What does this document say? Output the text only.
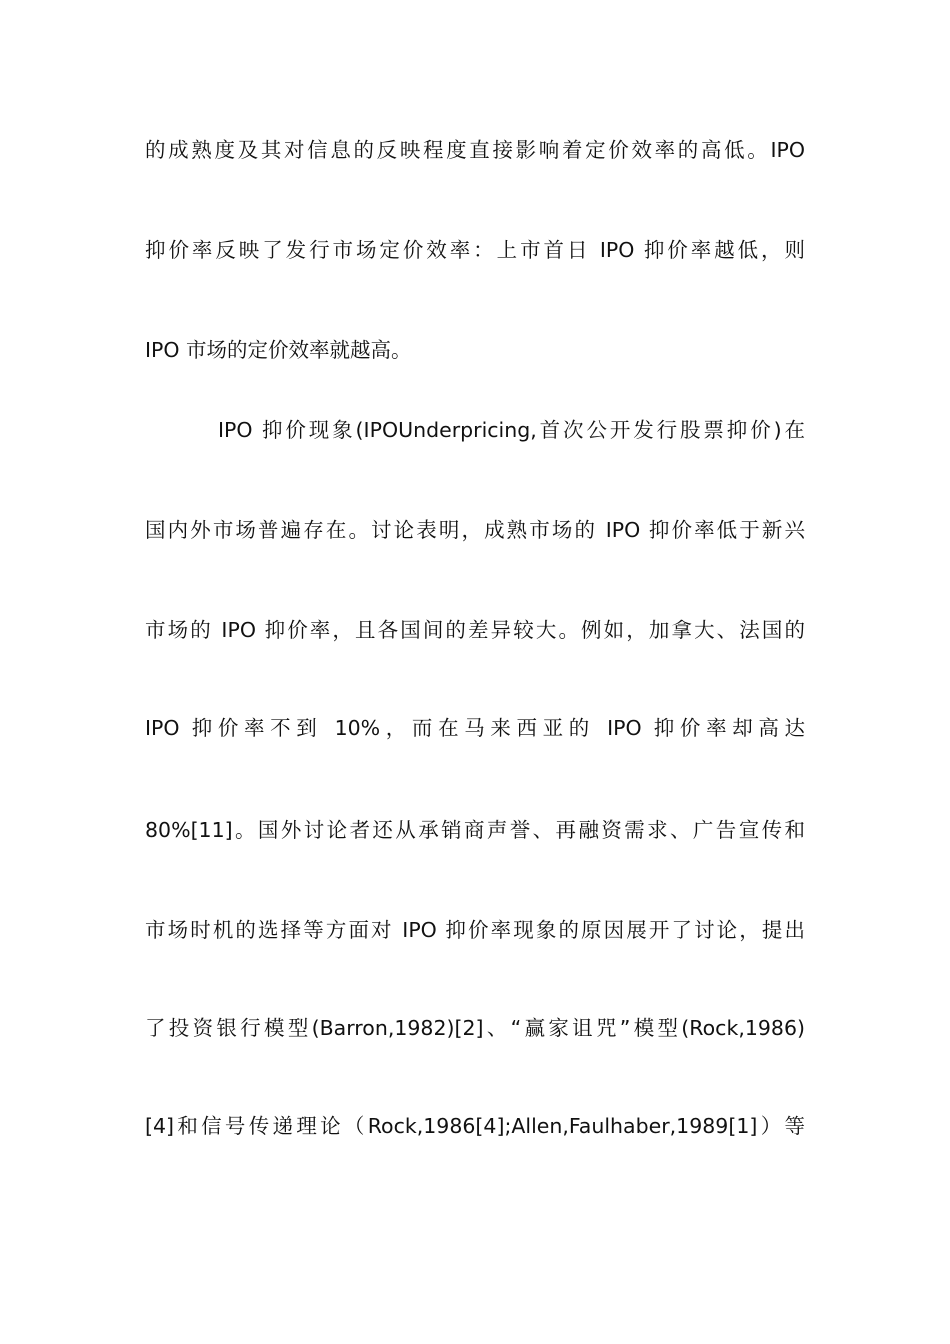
的成熟度及其对信息的反映程度直接影响着定价效率的高低。IPO
抑价率反映了发行市场定价效率：上市首日 IPO 抑价率越低，则
IPO 市场的定价效率就越高。
IPO 抑价现象(IPOUnderpricing,首次公开发行股票抑价)在
国内外市场普遍存在。讨论表明，成熟市场的 IPO 抑价率低于新兴
市场的 IPO 抑价率，且各国间的差异较大。例如，加拿大、法国的
IPO 抑价率不到 10%，而在马来西亚的 IPO 抑价率却高达
80%[11]。国外讨论者还从承销商声誉、再融资需求、广告宣传和
市场时机的选择等方面对 IPO 抑价率现象的原因展开了讨论，提出
了投资银行模型(Barron,1982)[2]、“赢家诅咒”模型(Rock,1986)
[4]和信号传递理论（Rock,1986[4];Allen,Faulhaber,1989[1]）等
